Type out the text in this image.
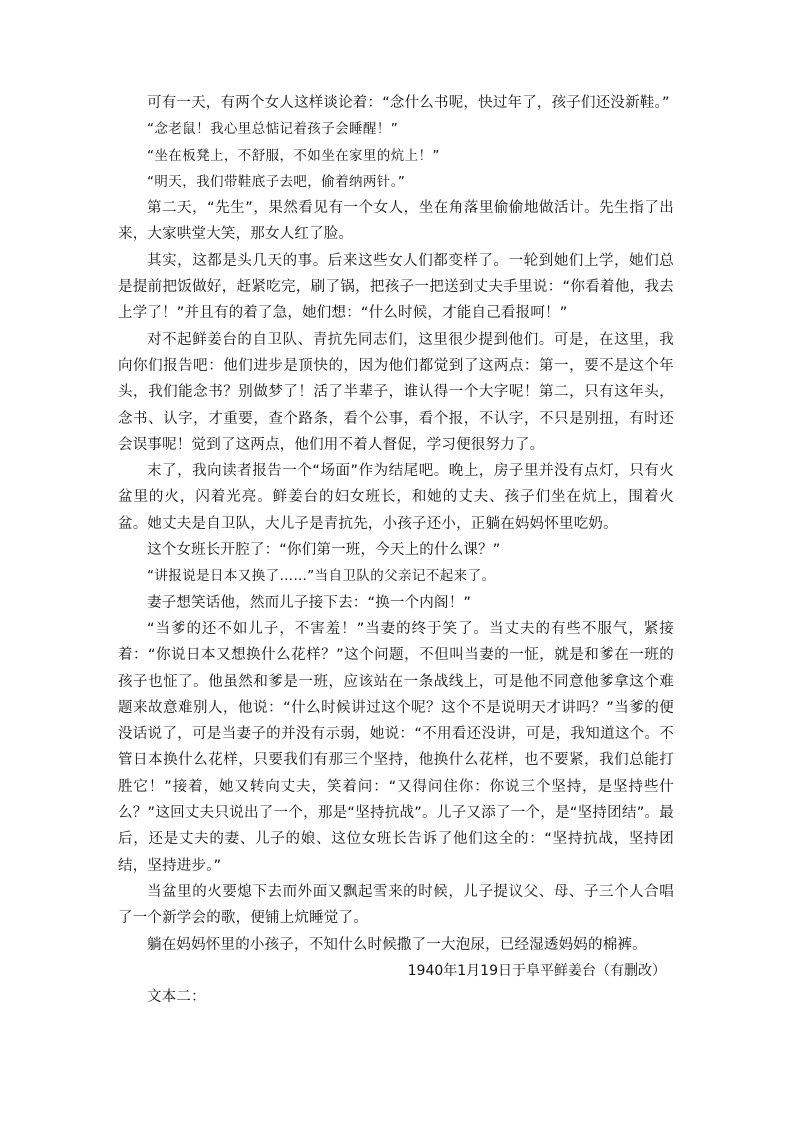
可有一天，有两个女人这样谈论着：“念什么书呢，快过年了，孩子们还没新鞋。”

“念老鼠！我心里总惦记着孩子会睡醒！”

“坐在板凳上，不舒服，不如坐在家里的炕上！”

“明天，我们带鞋底子去吧，偷着纳两针。”

第二天，“先生”，果然看见有一个女人，坐在角落里偷偷地做活计。先生指了出来，大家哄堂大笑，那女人红了脸。

其实，这都是头几天的事。后来这些女人们都变样了。一轮到她们上学，她们总是提前把饭做好，赶紧吃完，刷了锅，把孩子一把送到丈夫手里说：“你看着他，我去上学了！”并且有的着了急，她们想：“什么时候，才能自己看报呵！”

对不起鲜姜台的自卫队、青抗先同志们，这里很少提到他们。可是，在这里，我向你们报告吧：他们进步是顶快的，因为他们都觉到了这两点：第一，要不是这个年头，我们能念书？别做梦了！活了半辈子，谁认得一个大字呢！第二，只有这年头，念书、认字，才重要，查个路条，看个公事，看个报，不认字，不只是别扭，有时还会误事呢！觉到了这两点，他们用不着人督促，学习便很努力了。

末了，我向读者报告一个“场面”作为结尾吧。晚上，房子里并没有点灯，只有火盆里的火，闪着光亮。鲜姜台的妇女班长，和她的丈夫、孩子们坐在炕上，围着火盆。她丈夫是自卫队，大儿子是青抗先，小孩子还小，正躺在妈妈怀里吃奶。

这个女班长开腔了：“你们第一班，今天上的什么课？”

“讲报说是日本又换了……”当自卫队的父亲记不起来了。

妻子想笑话他，然而儿子接下去：“换一个内阁！”

“当爹的还不如儿子，不害羞！”当妻的终于笑了。当丈夫的有些不服气，紧接着：“你说日本又想换什么花样？”这个问题，不但叫当妻的一怔，就是和爹在一班的孩子也怔了。他虽然和爹是一班，应该站在一条战线上，可是他不同意他爹拿这个难题来故意难别人，他说：“什么时候讲过这个呢？这个不是说明天才讲吗？”当爹的便没话说了，可是当妻子的并没有示弱，她说：“不用看还没讲，可是，我知道这个。不管日本换什么花样，只要我们有那三个坚持，他换什么花样，也不要紧，我们总能打胜它！”接着，她又转向丈夫，笑着问：“又得问住你：你说三个坚持，是坚持些什么？”这回丈夫只说出了一个，那是“坚持抗战”。儿子又添了一个，是“坚持团结”。最后，还是丈夫的妻、儿子的娘、这位女班长告诉了他们这全的：“坚持抗战，坚持团结，坚持进步。”

当盆里的火要熄下去而外面又飘起雪来的时候，儿子提议父、母、子三个人合唱了一个新学会的歌，便铺上炕睡觉了。

躺在妈妈怀里的小孩子，不知什么时候撒了一大泡尿，已经湿透妈妈的棉裤。

1940年1月19日于阜平鲜姜台（有删改）

文本二：
